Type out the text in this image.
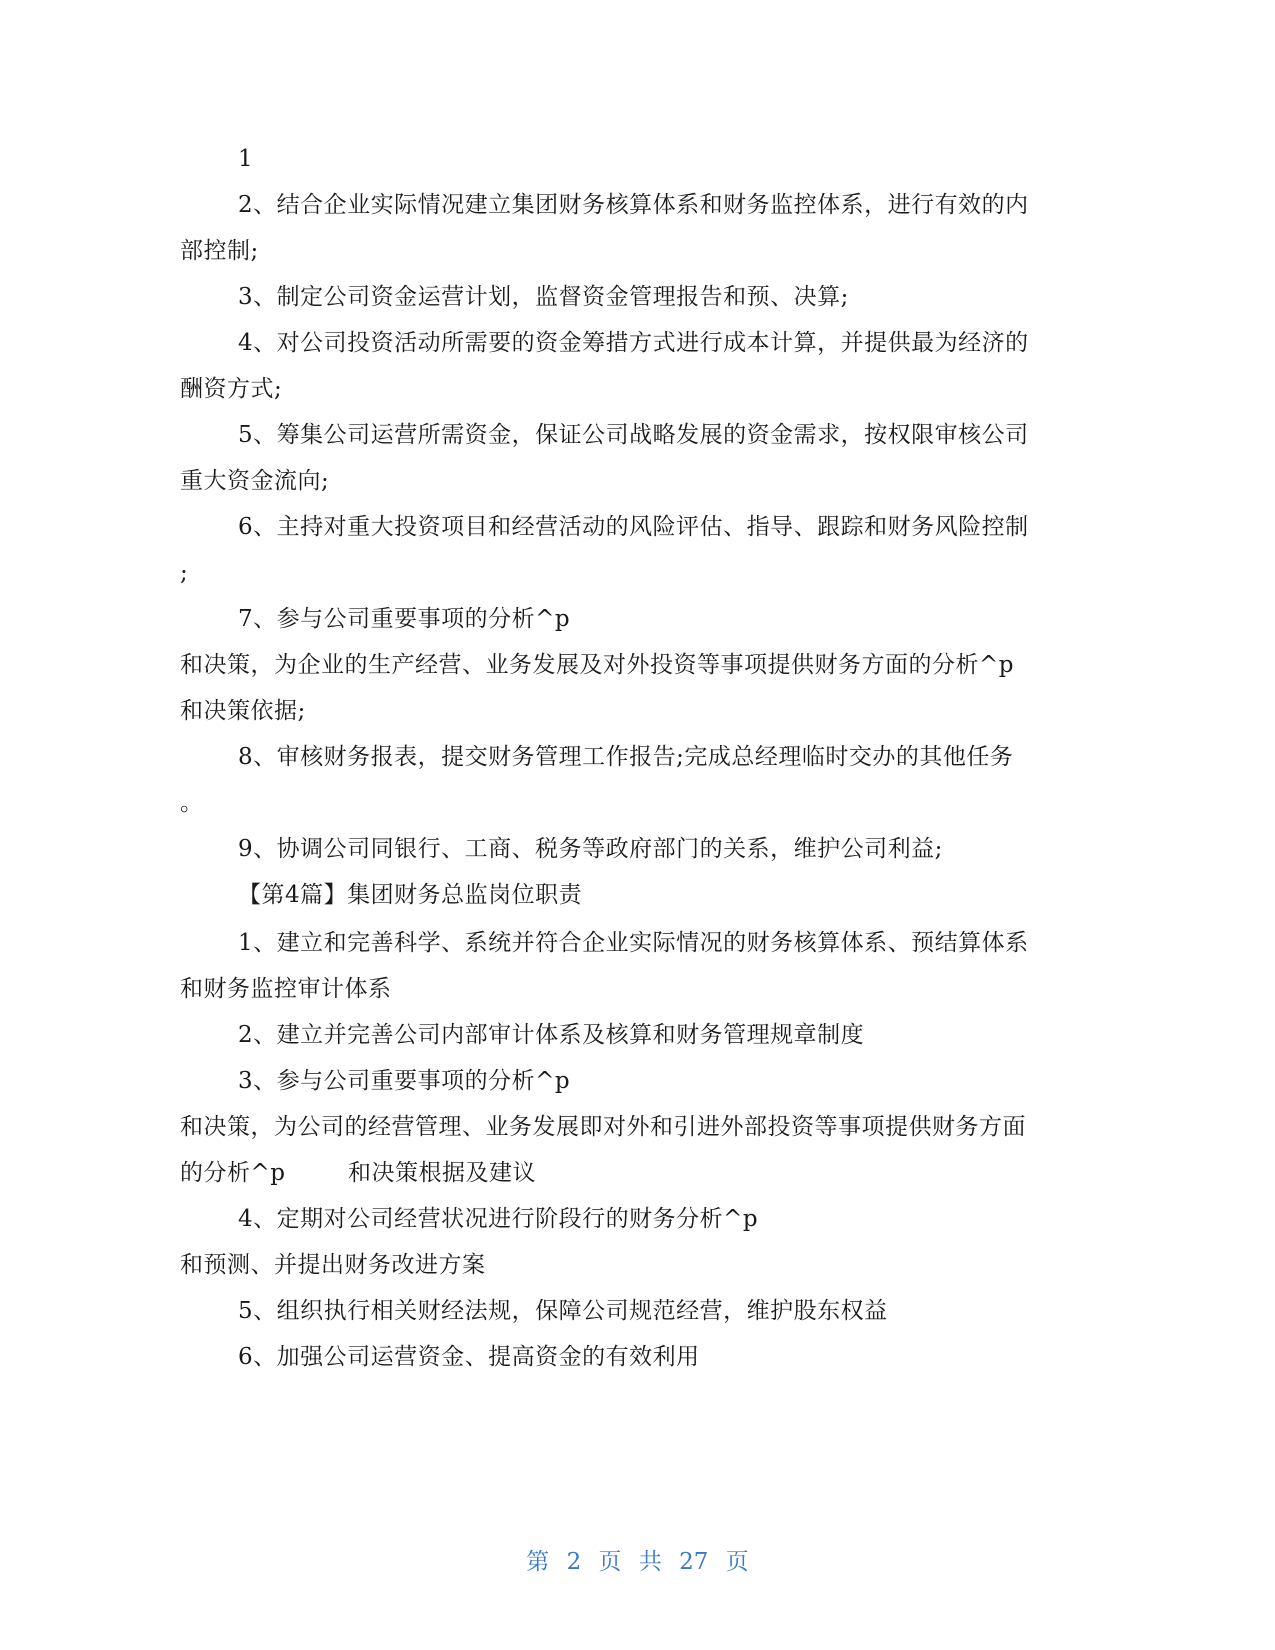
1
2、结合企业实际情况建立集团财务核算体系和财务监控体系，进行有效的内
部控制;
3、制定公司资金运营计划，监督资金管理报告和预、决算;
4、对公司投资活动所需要的资金筹措方式进行成本计算，并提供最为经济的
酬资方式;
5、筹集公司运营所需资金，保证公司战略发展的资金需求，按权限审核公司
重大资金流向;
6、主持对重大投资项目和经营活动的风险评估、指导、跟踪和财务风险控制
;
7、参与公司重要事项的分析^p
和决策，为企业的生产经营、业务发展及对外投资等事项提供财务方面的分析^p
和决策依据;
8、审核财务报表，提交财务管理工作报告;完成总经理临时交办的其他任务
。
9、协调公司同银行、工商、税务等政府部门的关系，维护公司利益;
【第4篇】集团财务总监岗位职责
1、建立和完善科学、系统并符合企业实际情况的财务核算体系、预结算体系
和财务监控审计体系
2、建立并完善公司内部审计体系及核算和财务管理规章制度
3、参与公司重要事项的分析^p
和决策，为公司的经营管理、业务发展即对外和引进外部投资等事项提供财务方面
的分析^p        和决策根据及建议
4、定期对公司经营状况进行阶段行的财务分析^p
和预测、并提出财务改进方案
5、组织执行相关财经法规，保障公司规范经营，维护股东权益
6、加强公司运营资金、提高资金的有效利用
第 2 页 共 27 页
